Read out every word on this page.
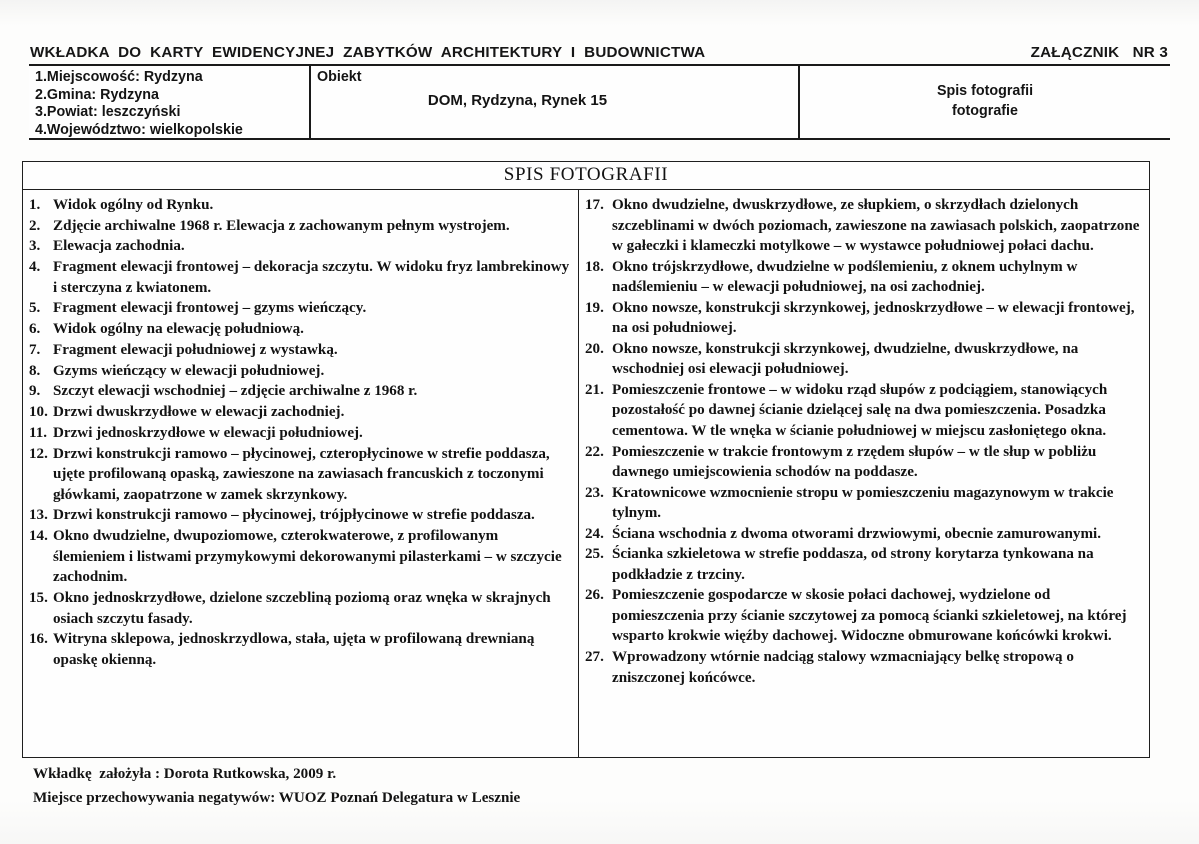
WKŁADKA  DO  KARTY  EWIDENCYJNEJ  ZABYTKÓW  ARCHITEKTURY  I  BUDOWNICTWA	ZAŁĄCZNIK   NR 3
1.Miejscowość: Rydzyna
2.Gmina: Rydzyna
3.Powiat: leszczyński
4.Województwo: wielkopolskie
Obiekt
DOM, Rydzyna, Rynek 15
Spis fotografii
fotografie
SPIS FOTOGRAFII
1. Widok ogólny od Rynku.
2. Zdjęcie archiwalne 1968 r. Elewacja z zachowanym pełnym wystrojem.
3. Elewacja zachodnia.
4. Fragment elewacji frontowej – dekoracja szczytu. W widoku fryz lambrekinowy i sterczyna z kwiatonem.
5. Fragment elewacji frontowej – gzyms wieńczący.
6. Widok ogólny na elewację południową.
7. Fragment elewacji południowej z wystawką.
8. Gzyms wieńczący w elewacji południowej.
9. Szczyt elewacji wschodniej – zdjęcie archiwalne z 1968 r.
10. Drzwi dwuskrzydłowe w elewacji zachodniej.
11. Drzwi jednoskrzydłowe w elewacji południowej.
12. Drzwi konstrukcji ramowo – płycinowej, czteropłycinowe w strefie poddasza, ujęte profilowaną opaską, zawieszone na zawiasach francuskich z toczonymi główkami, zaopatrzone w zamek skrzynkowy.
13. Drzwi konstrukcji ramowo – płycinowej, trójpłycinowe w strefie poddasza.
14. Okno dwudzielne, dwupoziomowe, czterokwaterowe, z profilowanym ślemieniem i listwami przymykowymi dekorowanymi pilasterkami – w szczycie zachodnim.
15. Okno jednoskrzydłowe, dzielone szczebliną poziomą oraz wnęka w skrajnych osiach szczytu fasady.
16. Witryna sklepowa, jednoskrzydlowa, stała, ujęta w profilowaną drewnianą opaskę okienną.
17. Okno dwudzielne, dwuskrzydłowe, ze słupkiem, o skrzydłach dzielonych szczeblinami w dwóch poziomach, zawieszone na zawiasach polskich, zaopatrzone w gałeczki i klameczki motylkowe – w wystawce południowej połaci dachu.
18. Okno trójskrzydłowe, dwudzielne w podślemieniu, z oknem uchylnym w nadślemieniu – w elewacji południowej, na osi zachodniej.
19. Okno nowsze, konstrukcji skrzynkowej, jednoskrzydłowe – w elewacji frontowej, na osi południowej.
20. Okno nowsze, konstrukcji skrzynkowej, dwudzielne, dwuskrzydłowe, na wschodniej osi elewacji południowej.
21. Pomieszczenie frontowe – w widoku rząd słupów z podciągiem, stanowiących pozostałość po dawnej ścianie dzielącej salę na dwa pomieszczenia. Posadzka cementowa. W tle wnęka w ścianie południowej w miejscu zasłoniętego okna.
22. Pomieszczenie w trakcie frontowym z rzędem słupów – w tle słup w pobliżu dawnego umiejscowienia schodów na poddasze.
23. Kratownicowe wzmocnienie stropu w pomieszczeniu magazynowym w trakcie tylnym.
24. Ściana wschodnia z dwoma otworami drzwiowymi, obecnie zamurowanymi.
25. Ścianka szkieletowa w strefie poddasza, od strony korytarza tynkowana na podkładzie z trzciny.
26. Pomieszczenie gospodarcze w skosie połaci dachowej, wydzielone od pomieszczenia przy ścianie szczytowej za pomocą ścianki szkieletowej, na której wsparto krokwie więźby dachowej. Widoczne obmurowane końcówki krokwi.
27. Wprowadzony wtórnie nadciąg stalowy wzmacniający belkę stropową o zniszczonej końcówce.
Wkładkę  założyła : Dorota Rutkowska, 2009 r.
Miejsce przechowywania negatywów: WUOZ Poznań Delegatura w Lesznie
